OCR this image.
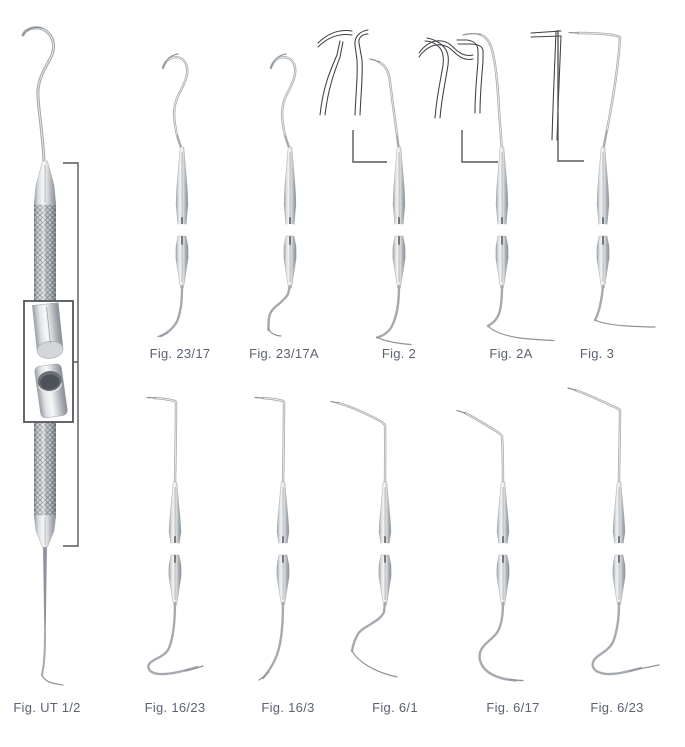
Fig. 23/17	Fig. 23/17A	Fig. 2	Fig. 2A	Fig. 3
Fig. UT 1/2	Fig. 16/23	Fig. 16/3	Fig. 6/1	Fig. 6/17	Fig. 6/23
